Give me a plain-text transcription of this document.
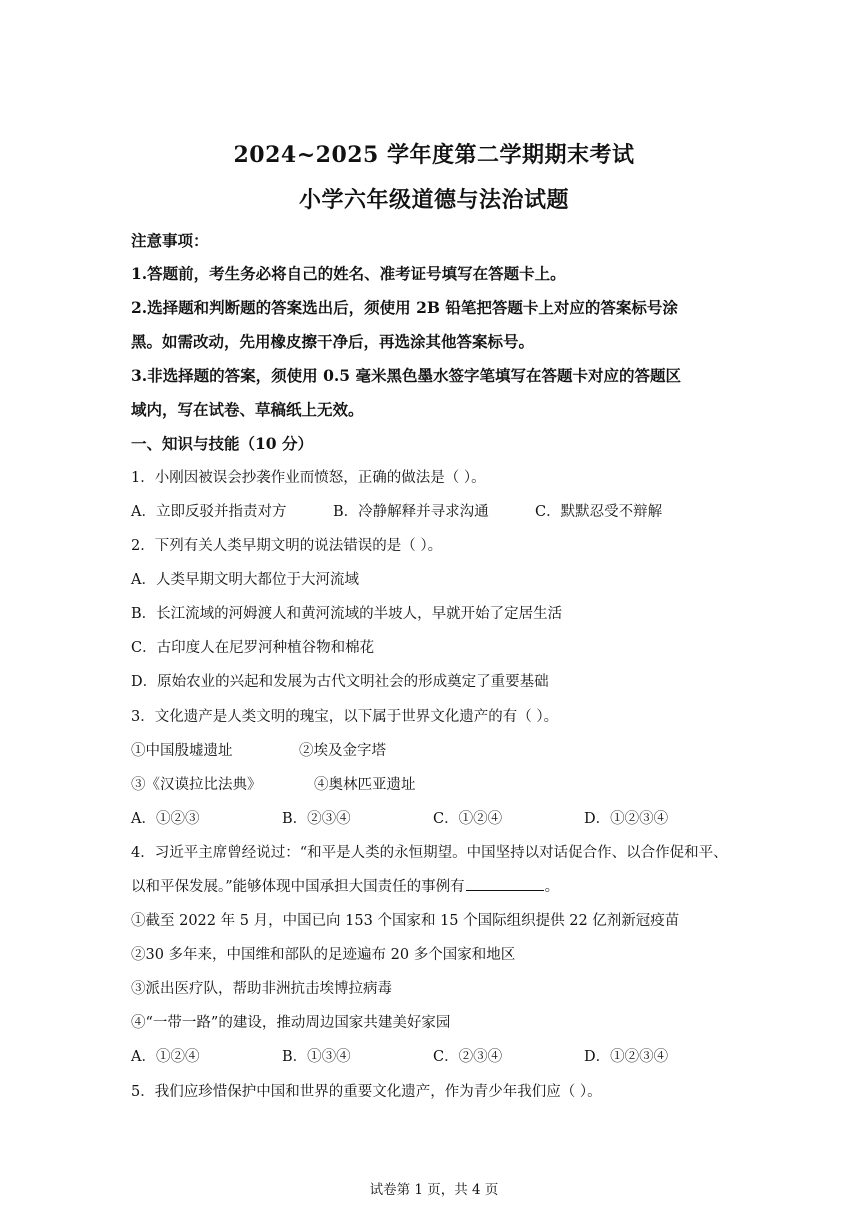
2024~2025 学年度第二学期期末考试
小学六年级道德与法治试题
注意事项：
1.答题前，考生务必将自己的姓名、准考证号填写在答题卡上。
2.选择题和判断题的答案选出后，须使用 2B 铅笔把答题卡上对应的答案标号涂
黑。如需改动，先用橡皮擦干净后，再选涂其他答案标号。
3.非选择题的答案，须使用 0.5 毫米黑色墨水签字笔填写在答题卡对应的答题区
域内，写在试卷、草稿纸上无效。
一、知识与技能（10 分）
1．小刚因被误会抄袭作业而愤怒，正确的做法是（ ）。
A．立即反驳并指责对方	B．冷静解释并寻求沟通	C．默默忍受不辩解
2．下列有关人类早期文明的说法错误的是（ ）。
A．人类早期文明大都位于大河流域
B．长江流域的河姆渡人和黄河流域的半坡人，早就开始了定居生活
C．古印度人在尼罗河种植谷物和棉花
D．原始农业的兴起和发展为古代文明社会的形成奠定了重要基础
3．文化遗产是人类文明的瑰宝，以下属于世界文化遗产的有（ ）。
①中国殷墟遗址	②埃及金字塔
③《汉谟拉比法典》	④奥林匹亚遗址
A．①②③	B．②③④	C．①②④	D．①②③④
4．习近平主席曾经说过：“和平是人类的永恒期望。中国坚持以对话促合作、以合作促和平、
以和平保发展。”能够体现中国承担大国责任的事例有	。
①截至 2022 年 5 月，中国已向 153 个国家和 15 个国际组织提供 22 亿剂新冠疫苗
②30 多年来，中国维和部队的足迹遍布 20 多个国家和地区
③派出医疗队，帮助非洲抗击埃博拉病毒
④“一带一路”的建设，推动周边国家共建美好家园
A．①②④	B．①③④	C．②③④	D．①②③④
5．我们应珍惜保护中国和世界的重要文化遗产，作为青少年我们应（ ）。
试卷第 1 页，共 4 页
